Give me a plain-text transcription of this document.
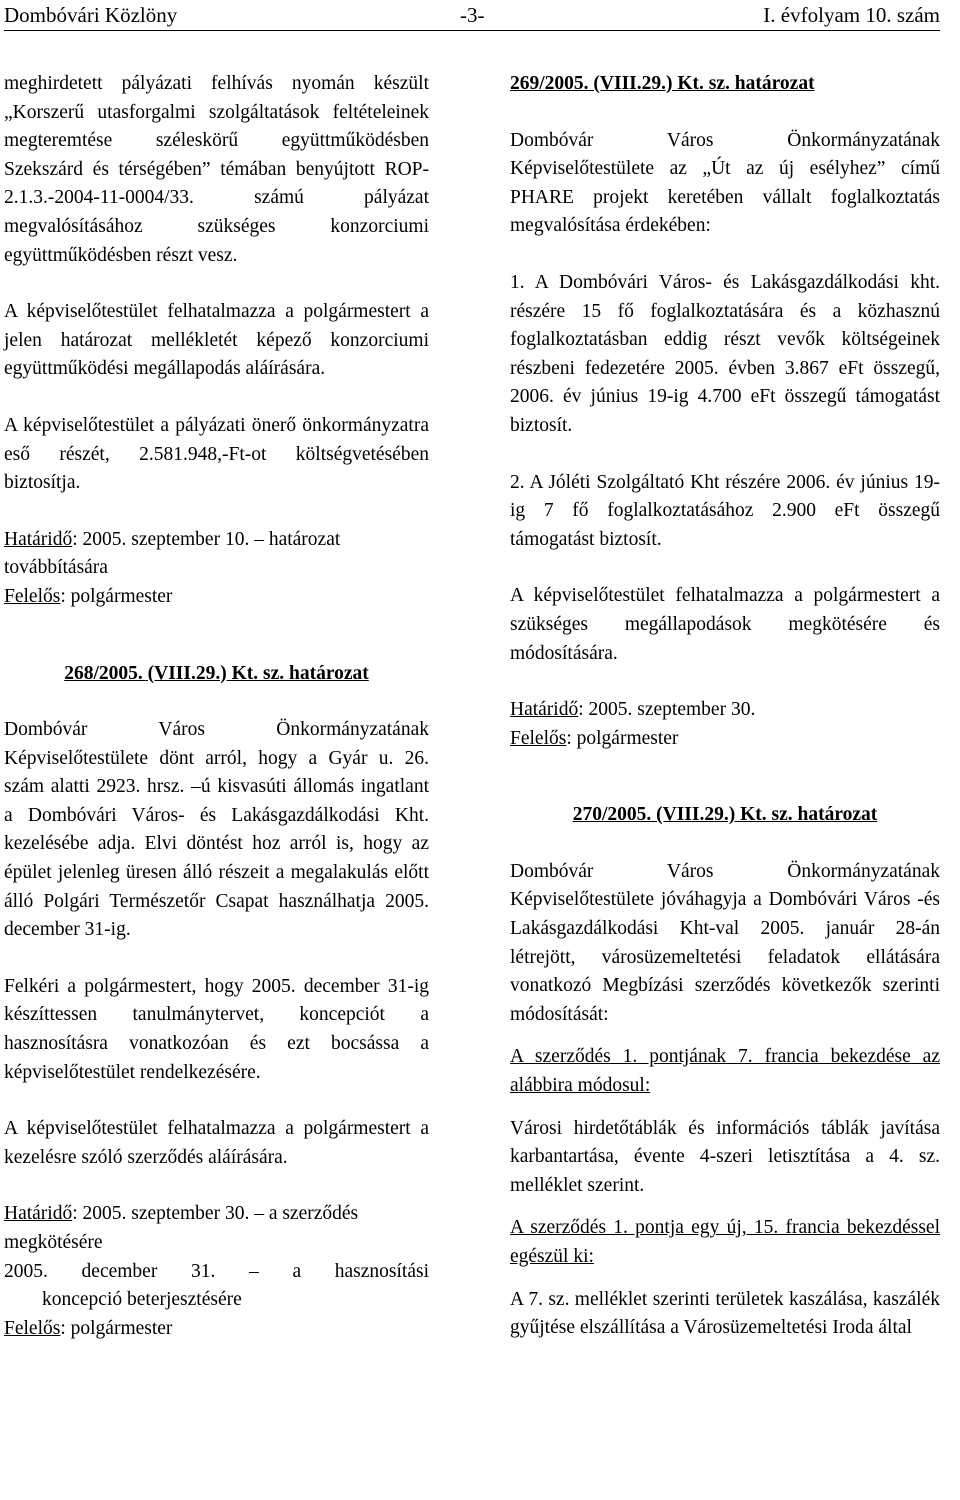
Dombóvári Közlöny	-3-	I. évfolyam 10. szám

meghirdetett pályázati felhívás nyomán készült „Korszerű utasforgalmi szolgáltatások feltételeinek megteremtése széleskörű együttműködésben Szekszárd és térségében” témában benyújtott ROP-2.1.3.-2004-11-0004/33. számú pályázat megvalósításához szükséges konzorciumi együttműködésben részt vesz.

A képviselőtestület felhatalmazza a polgármestert a jelen határozat mellékletét képező konzorciumi együttműködési megállapodás aláírására.

A képviselőtestület a pályázati önerő önkormányzatra eső részét, 2.581.948,-Ft-ot költségvetésében biztosítja.

Határidő: 2005. szeptember 10. – határozat továbbítására

Felelős: polgármester

268/2005. (VIII.29.) Kt. sz. határozat

Dombóvár Város Önkormányzatának Képviselőtestülete dönt arról, hogy a Gyár u. 26. szám alatti 2923. hrsz. –ú kisvasúti állomás ingatlant a Dombóvári Város- és Lakásgazdálkodási Kht. kezelésébe adja. Elvi döntést hoz arról is, hogy az épület jelenleg üresen álló részeit a megalakulás előtt álló Polgári Természetőr Csapat használhatja 2005. december 31-ig.

Felkéri a polgármestert, hogy 2005. december 31-ig készíttessen tanulmánytervet, koncepciót a hasznosításra vonatkozóan és ezt bocsássa a képviselőtestület rendelkezésére.

A képviselőtestület felhatalmazza a polgármestert a kezelésre szóló szerződés aláírására.

Határidő: 2005. szeptember 30. – a szerződés megkötésére

2005. december 31. – a hasznosítási

koncepció beterjesztésére

Felelős: polgármester

269/2005. (VIII.29.) Kt. sz. határozat

Dombóvár Város Önkormányzatának Képviselőtestülete az „Út az új esélyhez” című PHARE projekt keretében vállalt foglalkoztatás megvalósítása érdekében:

1. A Dombóvári Város- és Lakásgazdálkodási kht. részére 15 fő foglalkoztatására és a közhasznú foglalkoztatásban eddig részt vevők költségeinek részbeni fedezetére 2005. évben 3.867 eFt összegű, 2006. év június 19-ig 4.700 eFt összegű támogatást biztosít.

2. A Jóléti Szolgáltató Kht részére 2006. év június 19-ig 7 fő foglalkoztatásához 2.900 eFt összegű támogatást biztosít.

A képviselőtestület felhatalmazza a polgármestert a szükséges megállapodások megkötésére és módosítására.

Határidő: 2005. szeptember 30.

Felelős: polgármester

270/2005. (VIII.29.) Kt. sz. határozat

Dombóvár Város Önkormányzatának Képviselőtestülete jóváhagyja a Dombóvári Város -és Lakásgazdálkodási Kht-val 2005. január 28-án létrejött, városüzemeltetési feladatok ellátására vonatkozó Megbízási szerződés következők szerinti módosítását:

A szerződés 1. pontjának 7. francia bekezdése az alábbira módosul:

Városi hirdetőtáblák és információs táblák javítása karbantartása, évente 4-szeri letisztítása a 4. sz. melléklet szerint.

A szerződés 1. pontja egy új, 15. francia bekezdéssel egészül ki:

A 7. sz. melléklet szerinti területek kaszálása, kaszálék gyűjtése elszállítása a Városüzemeltetési Iroda által
